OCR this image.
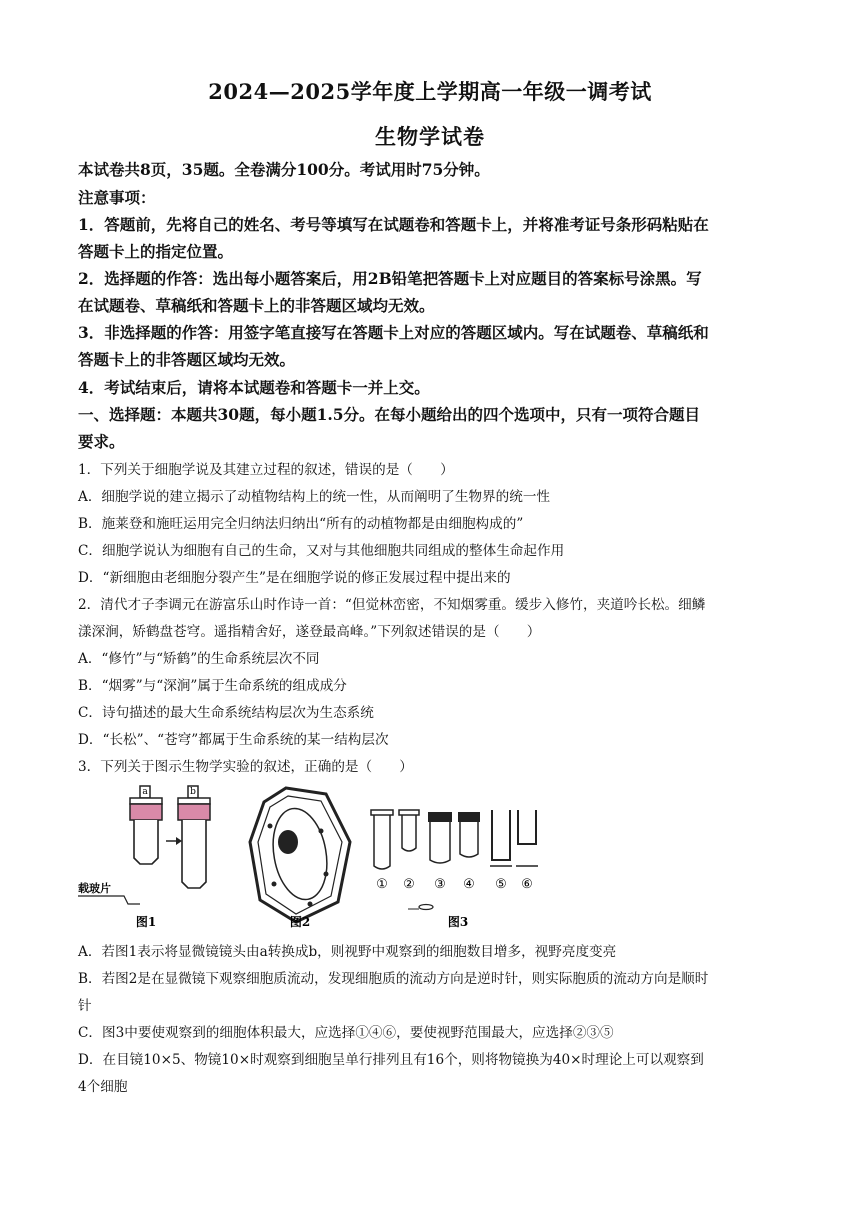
2024—2025学年度上学期高一年级一调考试
生物学试卷
本试卷共8页，35题。全卷满分100分。考试用时75分钟。
注意事项：
1．答题前，先将自己的姓名、考号等填写在试题卷和答题卡上，并将准考证号条形码粘贴在
答题卡上的指定位置。
2．选择题的作答：选出每小题答案后，用2B铅笔把答题卡上对应题目的答案标号涂黑。写
在试题卷、草稿纸和答题卡上的非答题区域均无效。
3．非选择题的作答：用签字笔直接写在答题卡上对应的答题区域内。写在试题卷、草稿纸和
答题卡上的非答题区域均无效。
4．考试结束后，请将本试题卷和答题卡一并上交。
一、选择题：本题共30题，每小题1.5分。在每小题给出的四个选项中，只有一项符合题目
要求。
1．下列关于细胞学说及其建立过程的叙述，错误的是（　　）
A．细胞学说的建立揭示了动植物结构上的统一性，从而阐明了生物界的统一性
B．施莱登和施旺运用完全归纳法归纳出“所有的动植物都是由细胞构成的”
C．细胞学说认为细胞有自己的生命，又对与其他细胞共同组成的整体生命起作用
D．“新细胞由老细胞分裂产生”是在细胞学说的修正发展过程中提出来的
2．清代才子李调元在游富乐山时作诗一首：“但觉林峦密，不知烟雾重。缓步入修竹，夹道吟长松。细鳞
漾深涧，矫鹤盘苍穹。遥指精舍好，遂登最高峰。”下列叙述错误的是（　　）
A．“修竹”与“矫鹤”的生命系统层次不同
B．“烟雾”与“深涧”属于生命系统的组成成分
C．诗句描述的最大生命系统结构层次为生态系统
D．“长松”、“苍穹”都属于生命系统的某一结构层次
3．下列关于图示生物学实验的叙述，正确的是（　　）
a	b
载玻片
图1	图2
① ② ③ ④ ⑤ ⑥
图3
A．若图1表示将显微镜镜头由a转换成b，则视野中观察到的细胞数目增多，视野亮度变亮
B．若图2是在显微镜下观察细胞质流动，发现细胞质的流动方向是逆时针，则实际胞质的流动方向是顺时
针
C．图3中要使观察到的细胞体积最大，应选择①④⑥，要使视野范围最大，应选择②③⑤
D．在目镜10×5、物镜10×时观察到细胞呈单行排列且有16个，则将物镜换为40×时理论上可以观察到
4个细胞
